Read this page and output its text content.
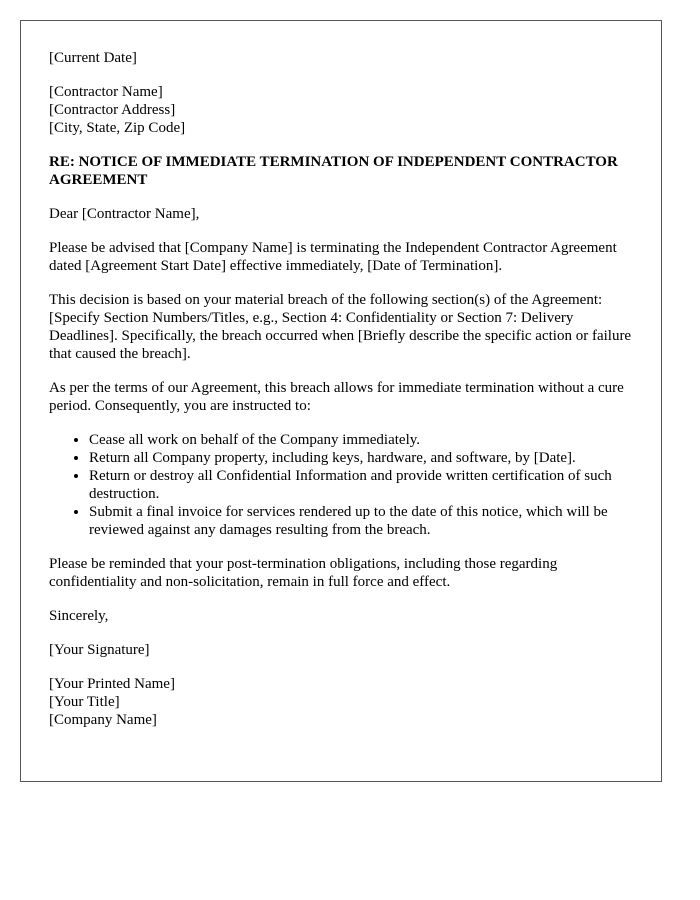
[Current Date]

[Contractor Name]
[Contractor Address]
[City, State, Zip Code]

RE: NOTICE OF IMMEDIATE TERMINATION OF INDEPENDENT CONTRACTOR AGREEMENT

Dear [Contractor Name],

Please be advised that [Company Name] is terminating the Independent Contractor Agreement dated [Agreement Start Date] effective immediately, [Date of Termination].

This decision is based on your material breach of the following section(s) of the Agreement: [Specify Section Numbers/Titles, e.g., Section 4: Confidentiality or Section 7: Delivery Deadlines]. Specifically, the breach occurred when [Briefly describe the specific action or failure that caused the breach].

As per the terms of our Agreement, this breach allows for immediate termination without a cure period. Consequently, you are instructed to:

• Cease all work on behalf of the Company immediately.
• Return all Company property, including keys, hardware, and software, by [Date].
• Return or destroy all Confidential Information and provide written certification of such destruction.
• Submit a final invoice for services rendered up to the date of this notice, which will be reviewed against any damages resulting from the breach.

Please be reminded that your post-termination obligations, including those regarding confidentiality and non-solicitation, remain in full force and effect.

Sincerely,

[Your Signature]

[Your Printed Name]
[Your Title]
[Company Name]
